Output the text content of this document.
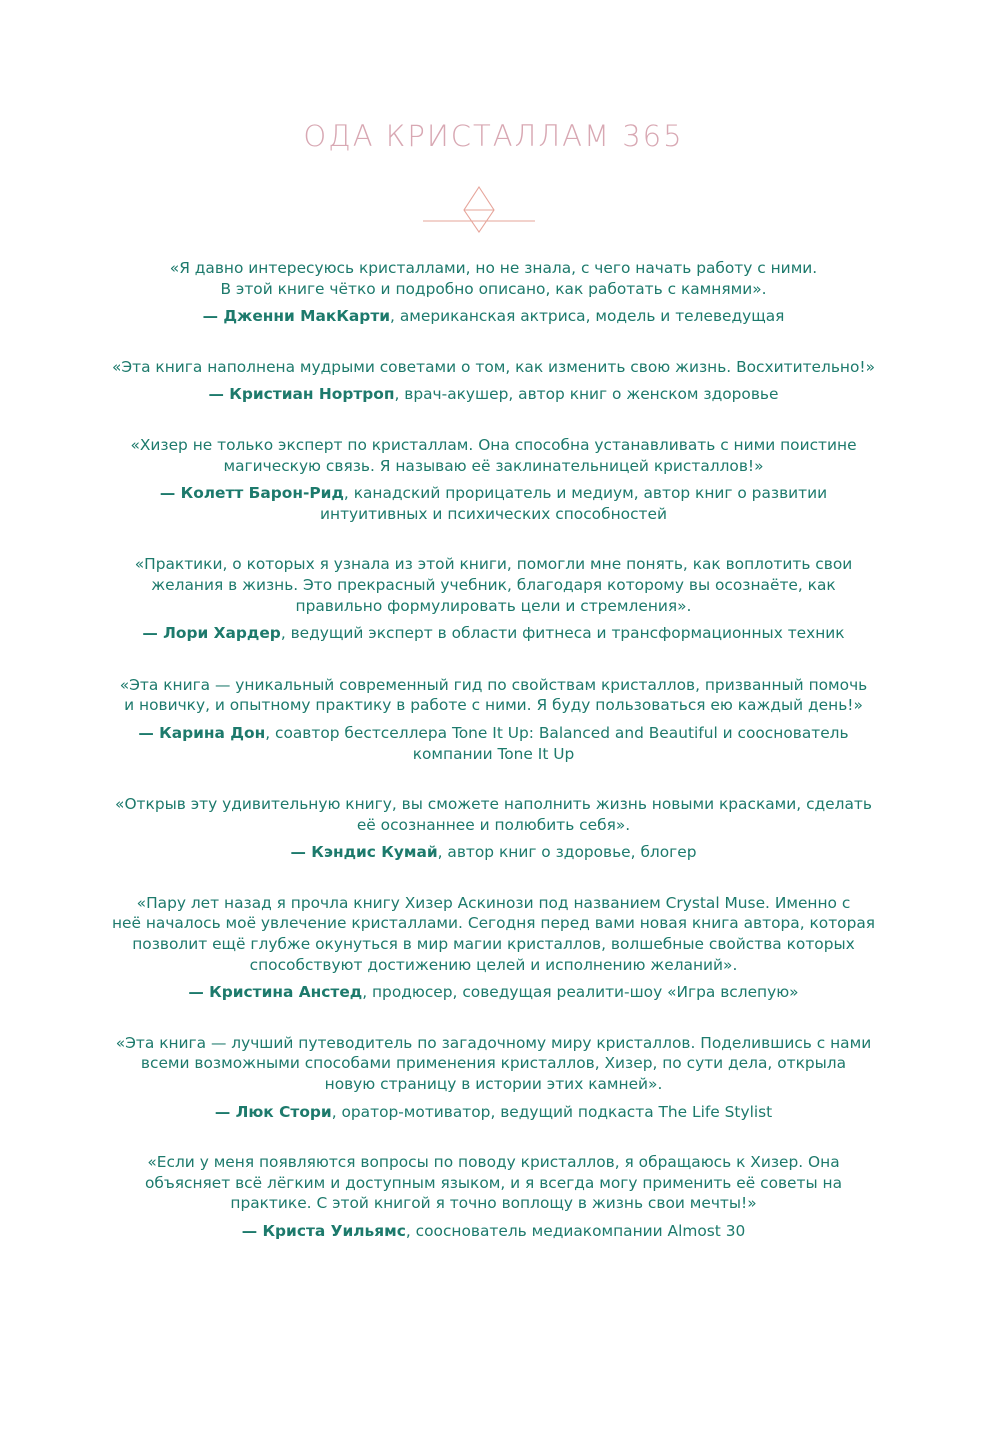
ОДА КРИСТАЛЛАМ 365

«Я давно интересуюсь кристаллами, но не знала, с чего начать работу с ними.
В этой книге чётко и подробно описано, как работать с камнями».

— Дженни МакКарти, американская актриса, модель и телеведущая

«Эта книга наполнена мудрыми советами о том, как изменить свою жизнь. Восхитительно!»

— Кристиан Нортроп, врач-акушер, автор книг о женском здоровье

«Хизер не только эксперт по кристаллам. Она способна устанавливать с ними поистине
магическую связь. Я называю её заклинательницей кристаллов!»

— Колетт Барон-Рид, канадский прорицатель и медиум, автор книг о развитии
интуитивных и психических способностей

«Практики, о которых я узнала из этой книги, помогли мне понять, как воплотить свои
желания в жизнь. Это прекрасный учебник, благодаря которому вы осознаёте, как
правильно формулировать цели и стремления».

— Лори Хардер, ведущий эксперт в области фитнеса и трансформационных техник

«Эта книга — уникальный современный гид по свойствам кристаллов, призванный помочь
и новичку, и опытному практику в работе с ними. Я буду пользоваться ею каждый день!»

— Карина Дон, соавтор бестселлера Tone It Up: Balanced and Beautiful и сооснователь
компании Tone It Up

«Открыв эту удивительную книгу, вы сможете наполнить жизнь новыми красками, сделать
её осознаннее и полюбить себя».

— Кэндис Кумай, автор книг о здоровье, блогер

«Пару лет назад я прочла книгу Хизер Аскинози под названием Crystal Muse. Именно с
неё началось моё увлечение кристаллами. Сегодня перед вами новая книга автора, которая
позволит ещё глубже окунуться в мир магии кристаллов, волшебные свойства которых
способствуют достижению целей и исполнению желаний».

— Кристина Анстед, продюсер, соведущая реалити-шоу «Игра вслепую»

«Эта книга — лучший путеводитель по загадочному миру кристаллов. Поделившись с нами
всеми возможными способами применения кристаллов, Хизер, по сути дела, открыла
новую страницу в истории этих камней».

— Люк Стори, оратор-мотиватор, ведущий подкаста The Life Stylist

«Если у меня появляются вопросы по поводу кристаллов, я обращаюсь к Хизер. Она
объясняет всё лёгким и доступным языком, и я всегда могу применить её советы на
практике. С этой книгой я точно воплощу в жизнь свои мечты!»

— Криста Уильямс, сооснователь медиакомпании Almost 30
